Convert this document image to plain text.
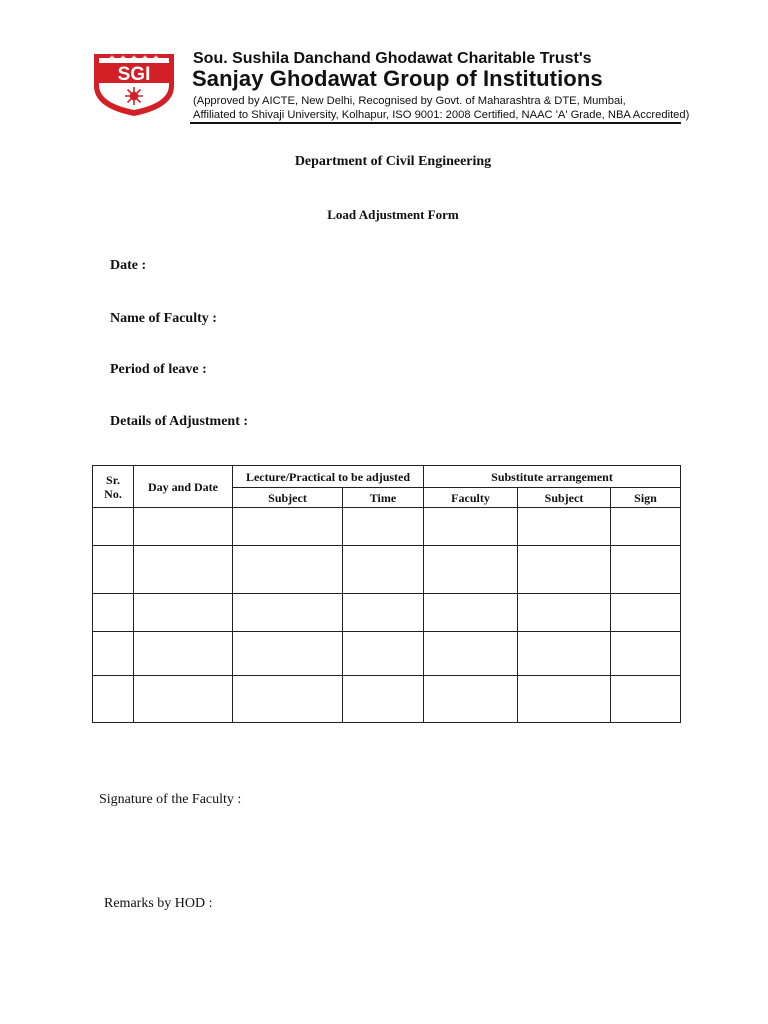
★ ★ ★ ★ ★
SGI
Sou. Sushila Danchand Ghodawat Charitable Trust's
Sanjay Ghodawat Group of Institutions
(Approved by AICTE, New Delhi, Recognised by Govt. of Maharashtra & DTE, Mumbai,
Affiliated to Shivaji University, Kolhapur, ISO 9001: 2008 Certified, NAAC 'A' Grade, NBA Accredited)
Department of Civil Engineering
Load Adjustment Form
Date :
Name of Faculty :
Period of leave :
Details of Adjustment :
Sr.
No.	Day and Date	Lecture/Practical to be adjusted		Substitute arrangement		
		Subject	Time	Faculty	Subject	Sign

Signature of the Faculty :
Remarks by HOD :
